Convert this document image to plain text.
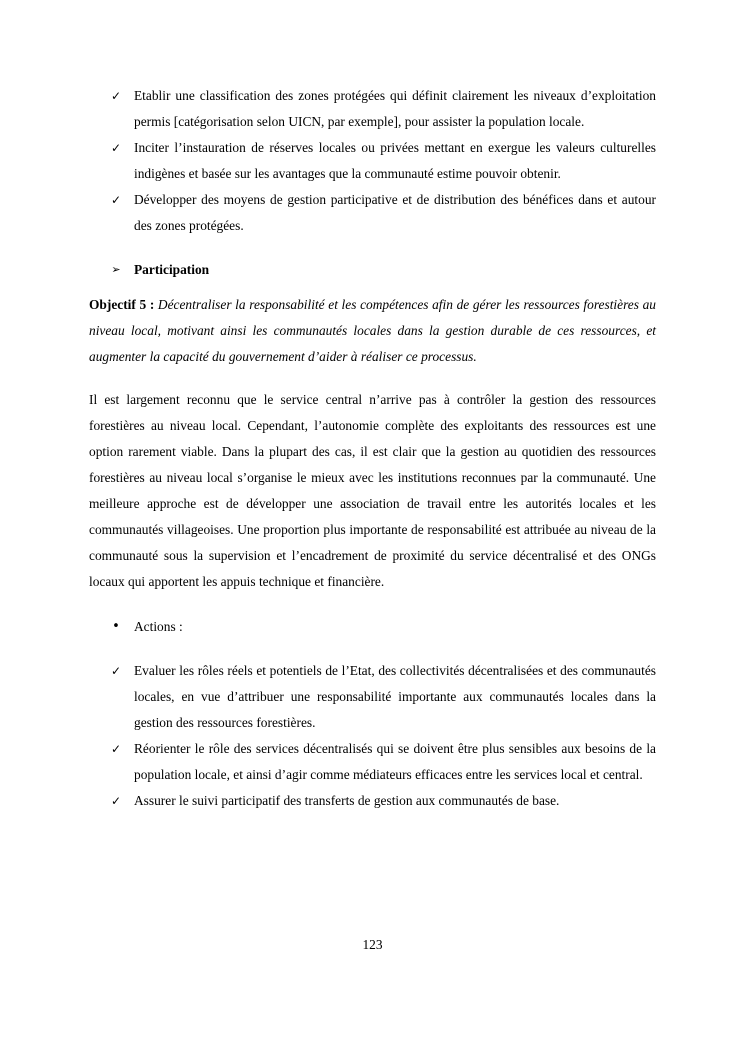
✓ Etablir une classification des zones protégées qui définit clairement les niveaux d’exploitation permis [catégorisation selon UICN, par exemple], pour assister la population locale.
✓ Inciter l’instauration de réserves locales ou privées mettant en exergue les valeurs culturelles indigènes et basée sur les avantages que la communauté estime pouvoir obtenir.
✓ Développer des moyens de gestion participative et de distribution des bénéfices dans et autour des zones protégées.
➢ Participation

Objectif 5 : Décentraliser la responsabilité et les compétences afin de gérer les ressources forestières au niveau local, motivant ainsi les communautés locales dans la gestion durable de ces ressources, et augmenter la capacité du gouvernement d’aider à réaliser ce processus.

Il est largement reconnu que le service central n’arrive pas à contrôler la gestion des ressources forestières au niveau local. Cependant, l’autonomie complète des exploitants des ressources est une option rarement viable. Dans la plupart des cas, il est clair que la gestion au quotidien des ressources forestières au niveau local s’organise le mieux avec les institutions reconnues par la communauté. Une meilleure approche est de développer une association de travail entre les autorités locales et les communautés villageoises. Une proportion plus importante de responsabilité est attribuée au niveau de la communauté sous la supervision et l’encadrement de proximité du service décentralisé et des ONGs locaux qui apportent les appuis technique et financière.

• Actions :
✓ Evaluer les rôles réels et potentiels de l’Etat, des collectivités décentralisées et des communautés locales, en vue d’attribuer une responsabilité importante aux communautés locales dans la gestion des ressources forestières.
✓ Réorienter le rôle des services décentralisés qui se doivent être plus sensibles aux besoins de la population locale, et ainsi d’agir comme médiateurs efficaces entre les services local et central.
✓ Assurer le suivi participatif des transferts de gestion aux communautés de base.
123
